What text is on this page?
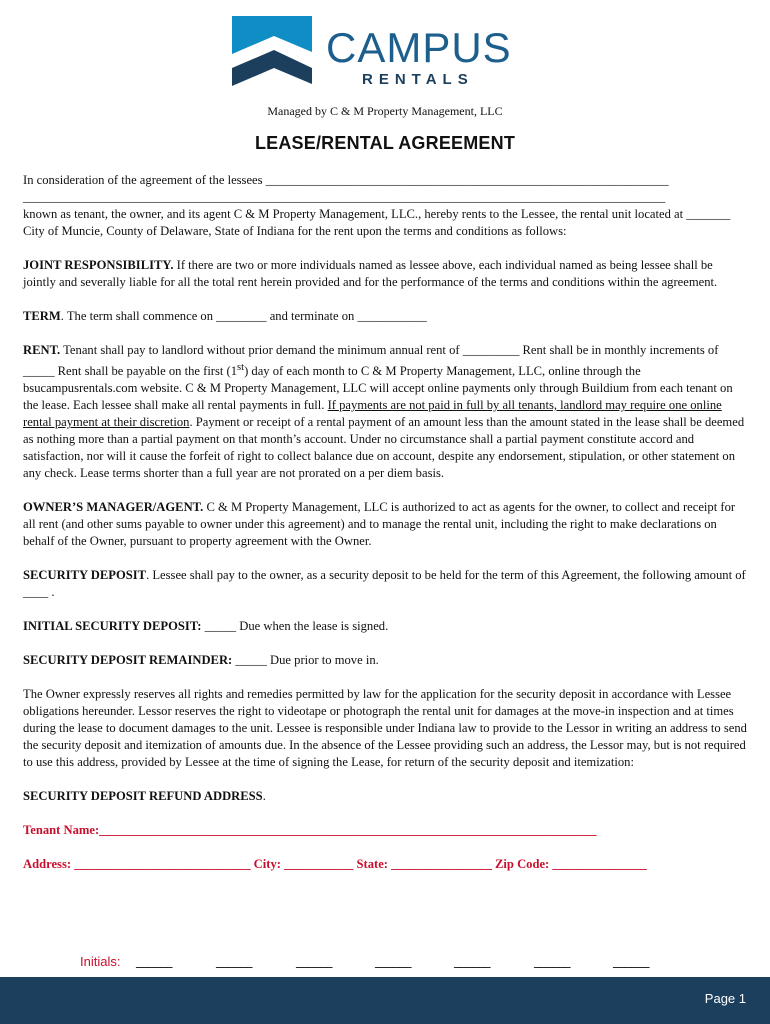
CAMPUS
RENTALS
Managed by C & M Property Management, LLC
LEASE/RENTAL AGREEMENT

In consideration of the agreement of the lessees ________________________________________________________________
______________________________________________________________________________________________________
known as tenant, the owner, and its agent C & M Property Management, LLC., hereby rents to the Lessee, the rental unit located at _______ City of Muncie, County of Delaware, State of Indiana for the rent upon the terms and conditions as follows:

JOINT RESPONSIBILITY. If there are two or more individuals named as lessee above, each individual named as being lessee shall be jointly and severally liable for all the total rent herein provided and for the performance of the terms and conditions within the agreement.

TERM. The term shall commence on ________ and terminate on ___________

RENT. Tenant shall pay to landlord without prior demand the minimum annual rent of _________ Rent shall be in monthly increments of _____ Rent shall be payable on the first (1st) day of each month to C & M Property Management, LLC, online through the bsucampusrentals.com website. C & M Property Management, LLC will accept online payments only through Buildium from each tenant on the lease. Each lessee shall make all rental payments in full. If payments are not paid in full by all tenants, landlord may require one online rental payment at their discretion. Payment or receipt of a rental payment of an amount less than the amount stated in the lease shall be deemed as nothing more than a partial payment on that month’s account. Under no circumstance shall a partial payment constitute accord and satisfaction, nor will it cause the forfeit of right to collect balance due on account, despite any endorsement, stipulation, or other statement on any check. Lease terms shorter than a full year are not prorated on a per diem basis.

OWNER’S MANAGER/AGENT. C & M Property Management, LLC is authorized to act as agents for the owner, to collect and receipt for all rent (and other sums payable to owner under this agreement) and to manage the rental unit, including the right to make declarations on behalf of the Owner, pursuant to property agreement with the Owner.

SECURITY DEPOSIT. Lessee shall pay to the owner, as a security deposit to be held for the term of this Agreement, the following amount of ____ .

INITIAL SECURITY DEPOSIT: _____ Due when the lease is signed.

SECURITY DEPOSIT REMAINDER: _____ Due prior to move in.

The Owner expressly reserves all rights and remedies permitted by law for the application for the security deposit in accordance with Lessee obligations hereunder. Lessor reserves the right to videotape or photograph the rental unit for damages at the move-in inspection and at times during the lease to document damages to the unit. Lessee is responsible under Indiana law to provide to the Lessor in writing an address to send the security deposit and itemization of amounts due. In the absence of the Lessee providing such an address, the Lessor may, but is not required to use this address, provided by Lessee at the time of signing the Lease, for return of the security deposit and itemization:

SECURITY DEPOSIT REFUND ADDRESS.

Tenant Name:_______________________________________________________________________________

Address: ____________________________ City: ___________ State: ________________ Zip Code: _______________

Initials: ______	______	______	______	______	______	______
Page 1
